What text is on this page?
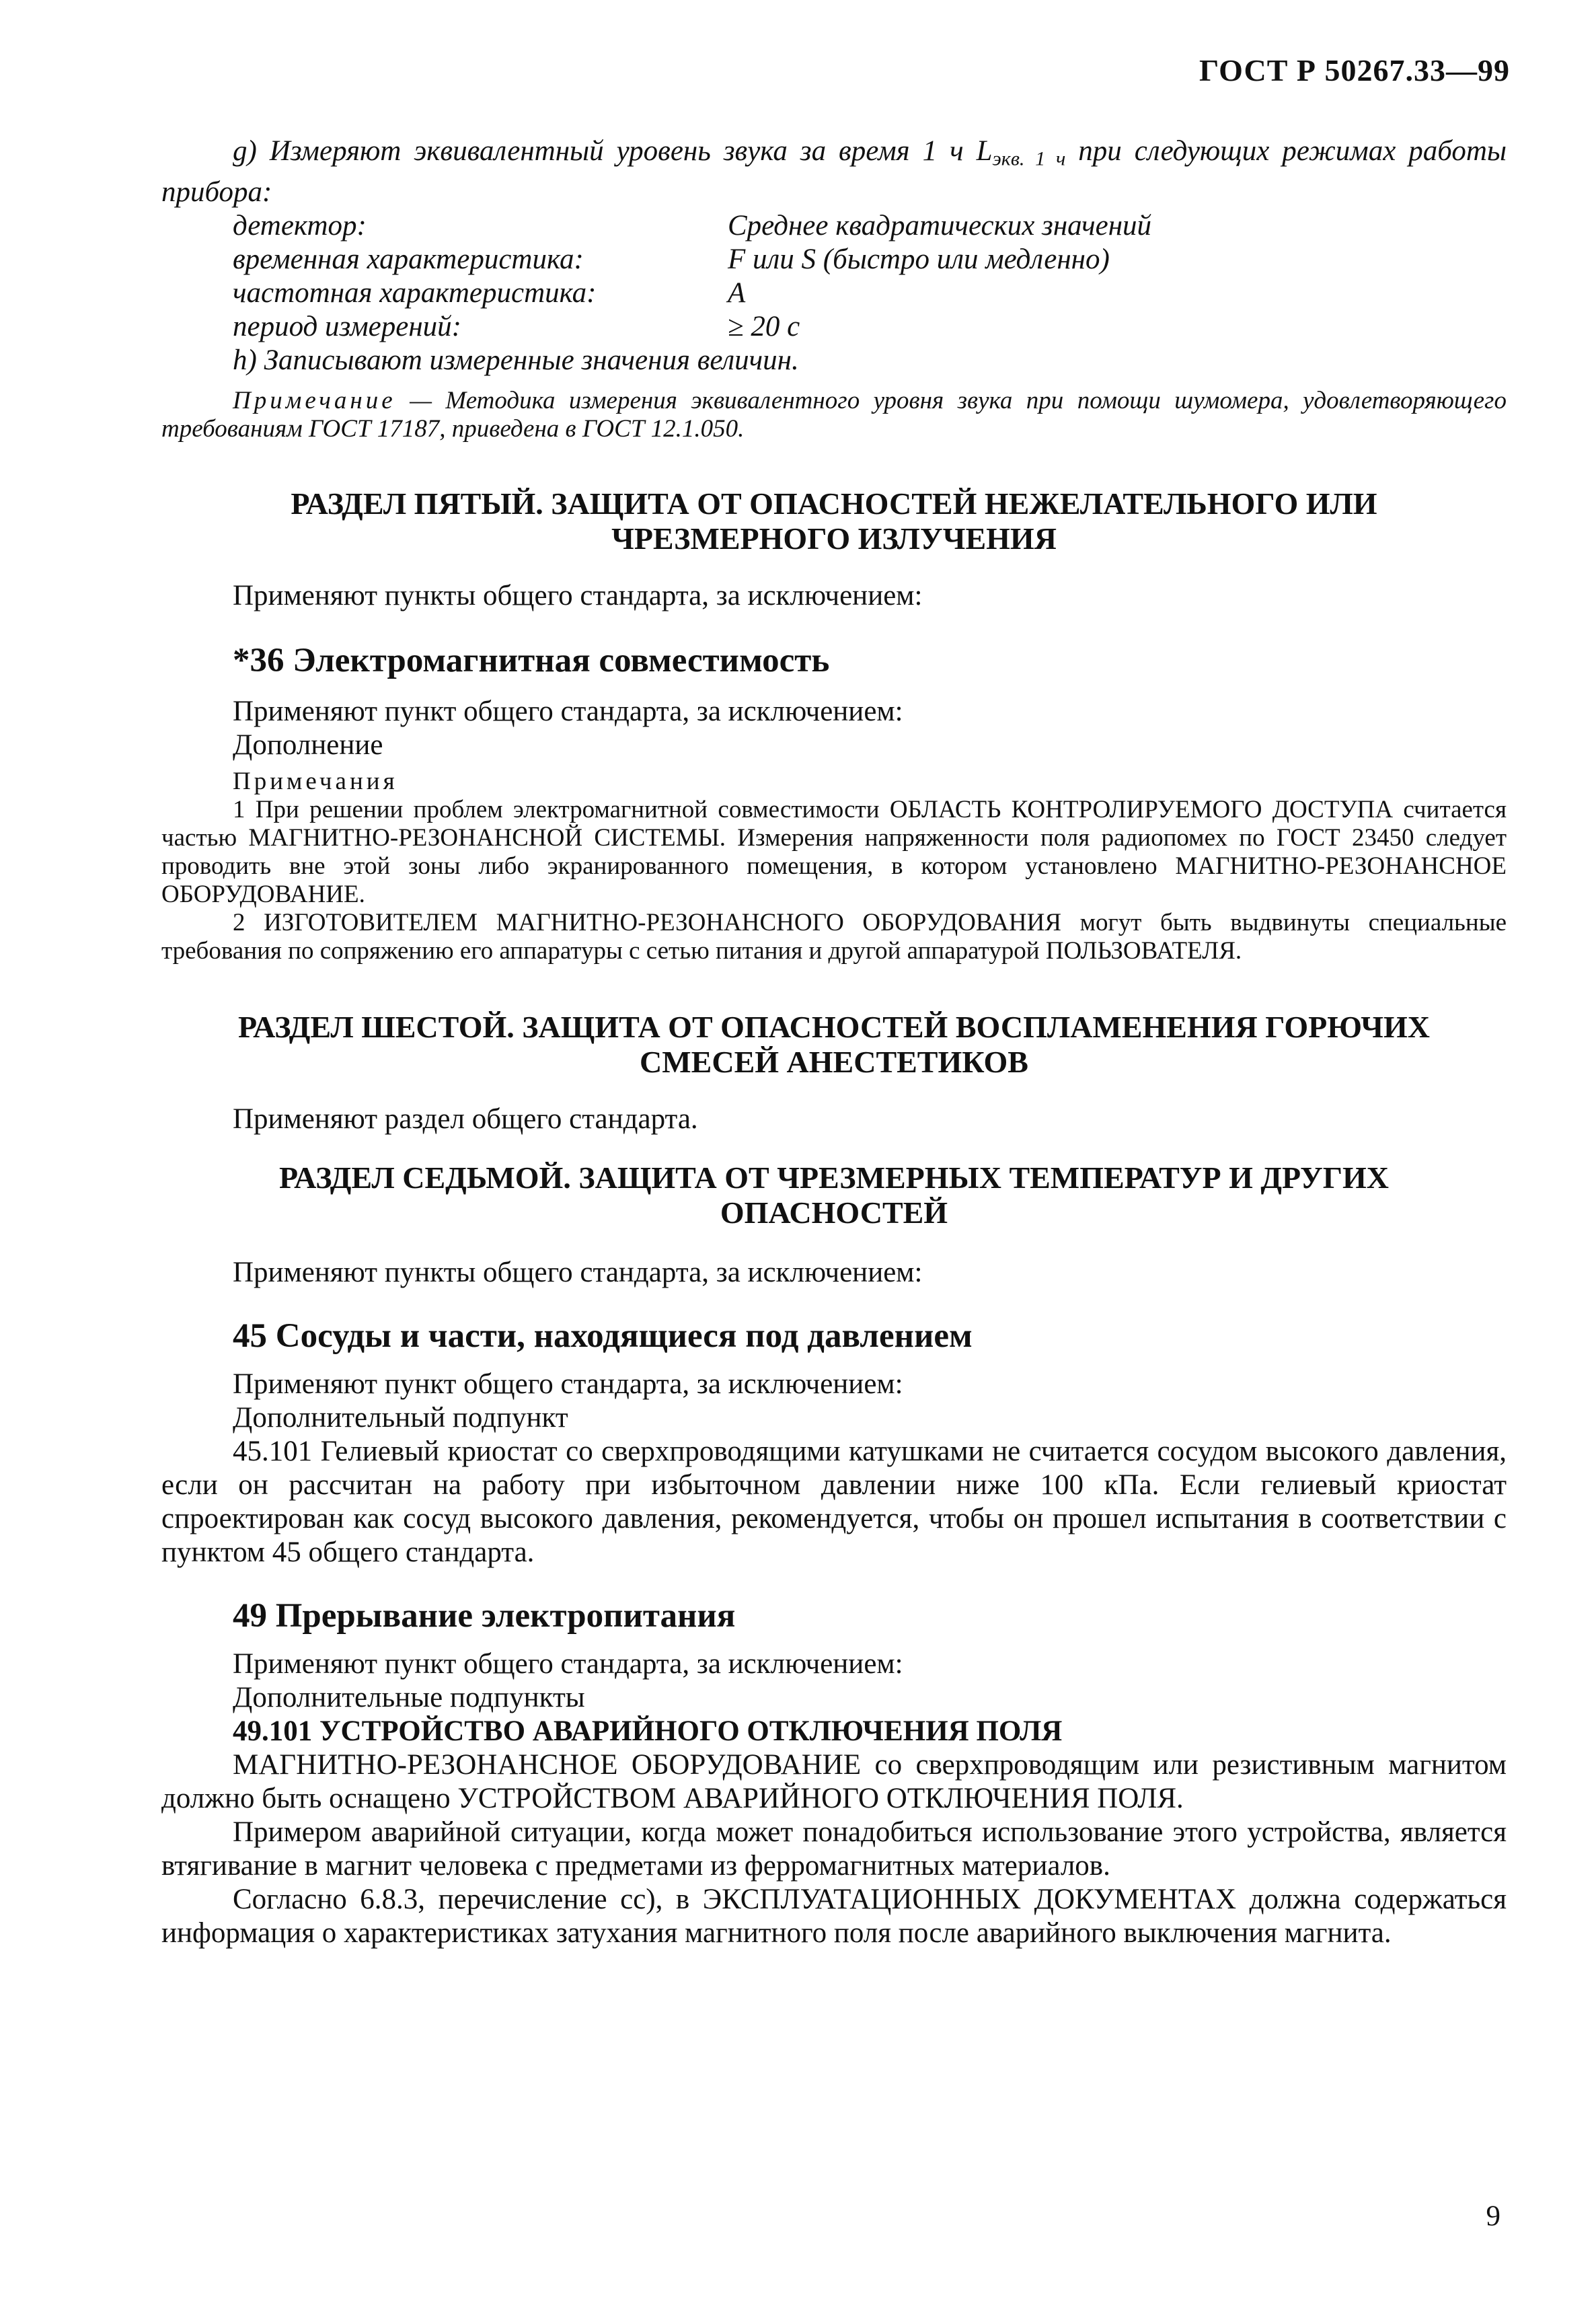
ГОСТ Р 50267.33—99

g) Измеряют эквивалентный уровень звука за время 1 ч $L_{экв. 1 ч}$ при следующих режимах работы прибора:

детектор:	Среднее квадратических значений
временная характеристика:	F или S (быстро или медленно)
частотная характеристика:	A
период измерений:	≥ 20 с

h) Записывают измеренные значения величин.

Примечание — Методика измерения эквивалентного уровня звука при помощи шумомера, удовлетворяющего требованиям ГОСТ 17187, приведена в ГОСТ 12.1.050.

РАЗДЕЛ ПЯТЫЙ. ЗАЩИТА ОТ ОПАСНОСТЕЙ НЕЖЕЛАТЕЛЬНОГО ИЛИ ЧРЕЗМЕРНОГО ИЗЛУЧЕНИЯ

Применяют пункты общего стандарта, за исключением:

*36 Электромагнитная совместимость

Применяют пункт общего стандарта, за исключением:

Дополнение

Примечания

1 При решении проблем электромагнитной совместимости ОБЛАСТЬ КОНТРОЛИРУЕМОГО ДОСТУПА считается частью МАГНИТНО-РЕЗОНАНСНОЙ СИСТЕМЫ. Измерения напряженности поля радиопомех по ГОСТ 23450 следует проводить вне этой зоны либо экранированного помещения, в котором установлено МАГНИТНО-РЕЗОНАНСНОЕ ОБОРУДОВАНИЕ.

2 ИЗГОТОВИТЕЛЕМ МАГНИТНО-РЕЗОНАНСНОГО ОБОРУДОВАНИЯ могут быть выдвинуты специальные требования по сопряжению его аппаратуры с сетью питания и другой аппаратурой ПОЛЬЗОВАТЕЛЯ.

РАЗДЕЛ ШЕСТОЙ. ЗАЩИТА ОТ ОПАСНОСТЕЙ ВОСПЛАМЕНЕНИЯ ГОРЮЧИХ СМЕСЕЙ АНЕСТЕТИКОВ

Применяют раздел общего стандарта.

РАЗДЕЛ СЕДЬМОЙ. ЗАЩИТА ОТ ЧРЕЗМЕРНЫХ ТЕМПЕРАТУР И ДРУГИХ ОПАСНОСТЕЙ

Применяют пункты общего стандарта, за исключением:

45 Сосуды и части, находящиеся под давлением

Применяют пункт общего стандарта, за исключением:

Дополнительный подпункт

45.101 Гелиевый криостат со сверхпроводящими катушками не считается сосудом высокого давления, если он рассчитан на работу при избыточном давлении ниже 100 кПа. Если гелиевый криостат спроектирован как сосуд высокого давления, рекомендуется, чтобы он прошел испытания в соответствии с пунктом 45 общего стандарта.

49 Прерывание электропитания

Применяют пункт общего стандарта, за исключением:

Дополнительные подпункты

49.101 УСТРОЙСТВО АВАРИЙНОГО ОТКЛЮЧЕНИЯ ПОЛЯ

МАГНИТНО-РЕЗОНАНСНОЕ ОБОРУДОВАНИЕ со сверхпроводящим или резистивным магнитом должно быть оснащено УСТРОЙСТВОМ АВАРИЙНОГО ОТКЛЮЧЕНИЯ ПОЛЯ.

Примером аварийной ситуации, когда может понадобиться использование этого устройства, является втягивание в магнит человека с предметами из ферромагнитных материалов.

Согласно 6.8.3, перечисление сс), в ЭКСПЛУАТАЦИОННЫХ ДОКУМЕНТАХ должна содержаться информация о характеристиках затухания магнитного поля после аварийного выключения магнита.

9
